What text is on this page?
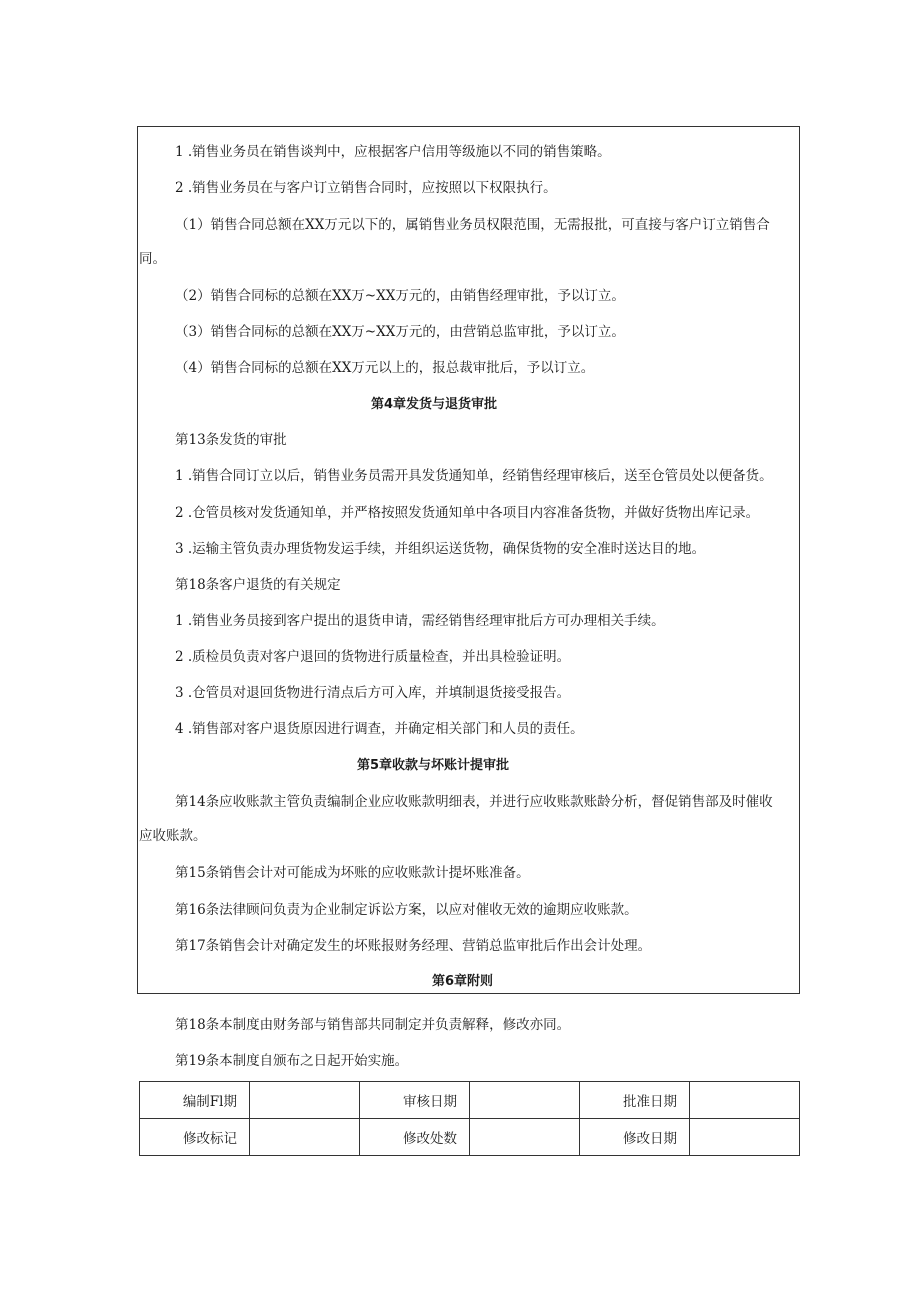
1 .销售业务员在销售谈判中，应根据客户信用等级施以不同的销售策略。
2 .销售业务员在与客户订立销售合同时，应按照以下权限执行。
（1）销售合同总额在XX万元以下的，属销售业务员权限范围，无需报批，可直接与客户订立销售合
同。
（2）销售合同标的总额在XX万~XX万元的，由销售经理审批，予以订立。
（3）销售合同标的总额在XX万~XX万元的，由营销总监审批，予以订立。
（4）销售合同标的总额在XX万元以上的，报总裁审批后，予以订立。
第4章发货与退货审批
第13条发货的审批
1 .销售合同订立以后，销售业务员需开具发货通知单，经销售经理审核后，送至仓管员处以便备货。
2 .仓管员核对发货通知单，并严格按照发货通知单中各项目内容准备货物，并做好货物出库记录。
3 .运输主管负责办理货物发运手续，并组织运送货物，确保货物的安全准时送达目的地。
第18条客户退货的有关规定
1 .销售业务员接到客户提出的退货申请，需经销售经理审批后方可办理相关手续。
2 .质检员负责对客户退回的货物进行质量检查，并出具检验证明。
3 .仓管员对退回货物进行清点后方可入库，并填制退货接受报告。
4 .销售部对客户退货原因进行调查，并确定相关部门和人员的责任。
第5章收款与坏账计提审批
第14条应收账款主管负责编制企业应收账款明细表，并进行应收账款账龄分析，督促销售部及时催收
应收账款。
第15条销售会计对可能成为坏账的应收账款计提坏账准备。
第16条法律顾问负责为企业制定诉讼方案，以应对催收无效的逾期应收账款。
第17条销售会计对确定发生的坏账报财务经理、营销总监审批后作出会计处理。
第6章附则
第18条本制度由财务部与销售部共同制定并负责解释，修改亦同。
第19条本制度自颁布之日起开始实施。
编制Fl期		审核日期		批准日期	
修改标记		修改处数		修改日期	
